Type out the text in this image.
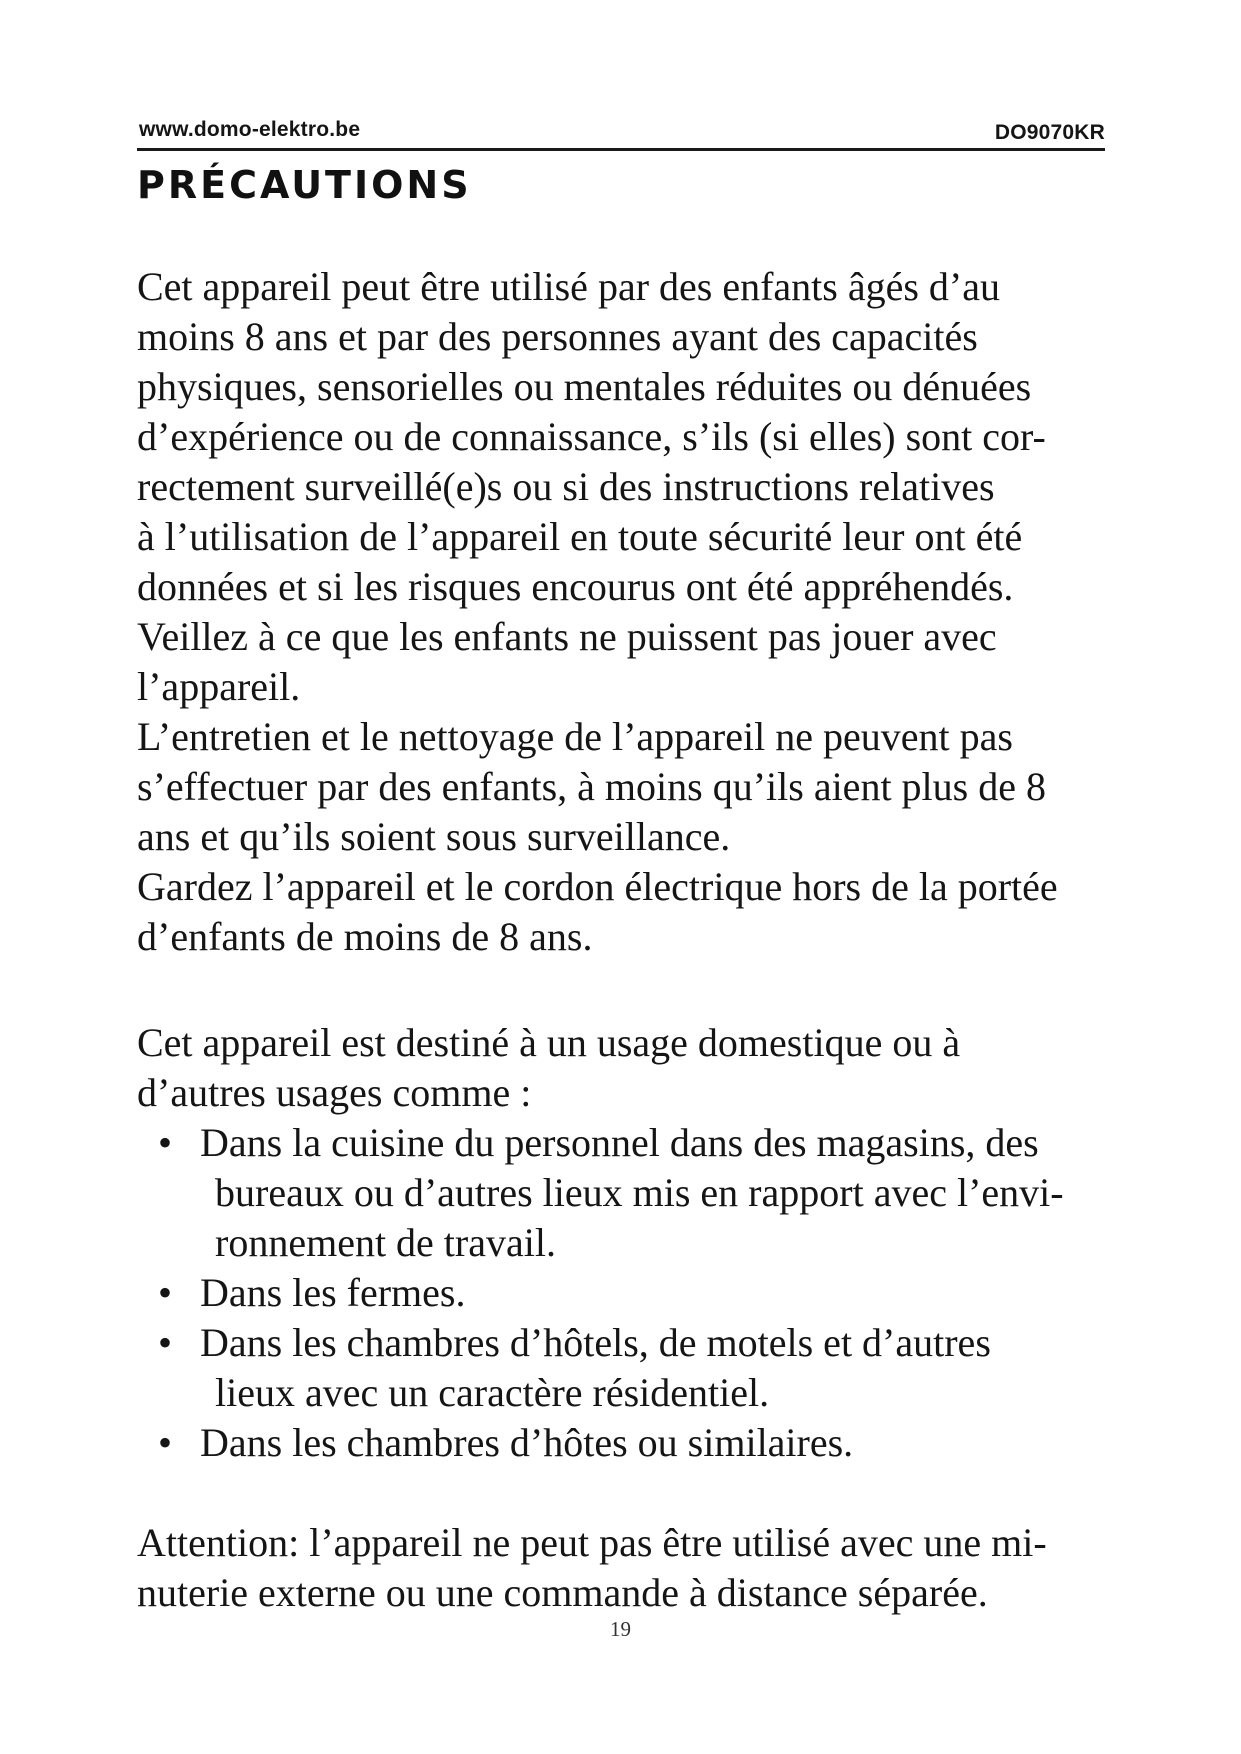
www.domo-elektro.be	DO9070KR
PRÉCAUTIONS

Cet appareil peut être utilisé par des enfants âgés d’au
moins 8 ans et par des personnes ayant des capacités
physiques, sensorielles ou mentales réduites ou dénuées
d’expérience ou de connaissance, s’ils (si elles) sont cor-
rectement surveillé(e)s ou si des instructions relatives
à l’utilisation de l’appareil en toute sécurité leur ont été
données et si les risques encourus ont été appréhendés.
Veillez à ce que les enfants ne puissent pas jouer avec
l’appareil.
L’entretien et le nettoyage de l’appareil ne peuvent pas
s’effectuer par des enfants, à moins qu’ils aient plus de 8
ans et qu’ils soient sous surveillance.
Gardez l’appareil et le cordon électrique hors de la portée
d’enfants de moins de 8 ans.

Cet appareil est destiné à un usage domestique ou à
d’autres usages comme :

• Dans la cuisine du personnel dans des magasins, des
bureaux ou d’autres lieux mis en rapport avec l’envi-
ronnement de travail.
• Dans les fermes.
• Dans les chambres d’hôtels, de motels et d’autres
lieux avec un caractère résidentiel.
• Dans les chambres d’hôtes ou similaires.

Attention: l’appareil ne peut pas être utilisé avec une mi-
nuterie externe ou une commande à distance séparée.

19
